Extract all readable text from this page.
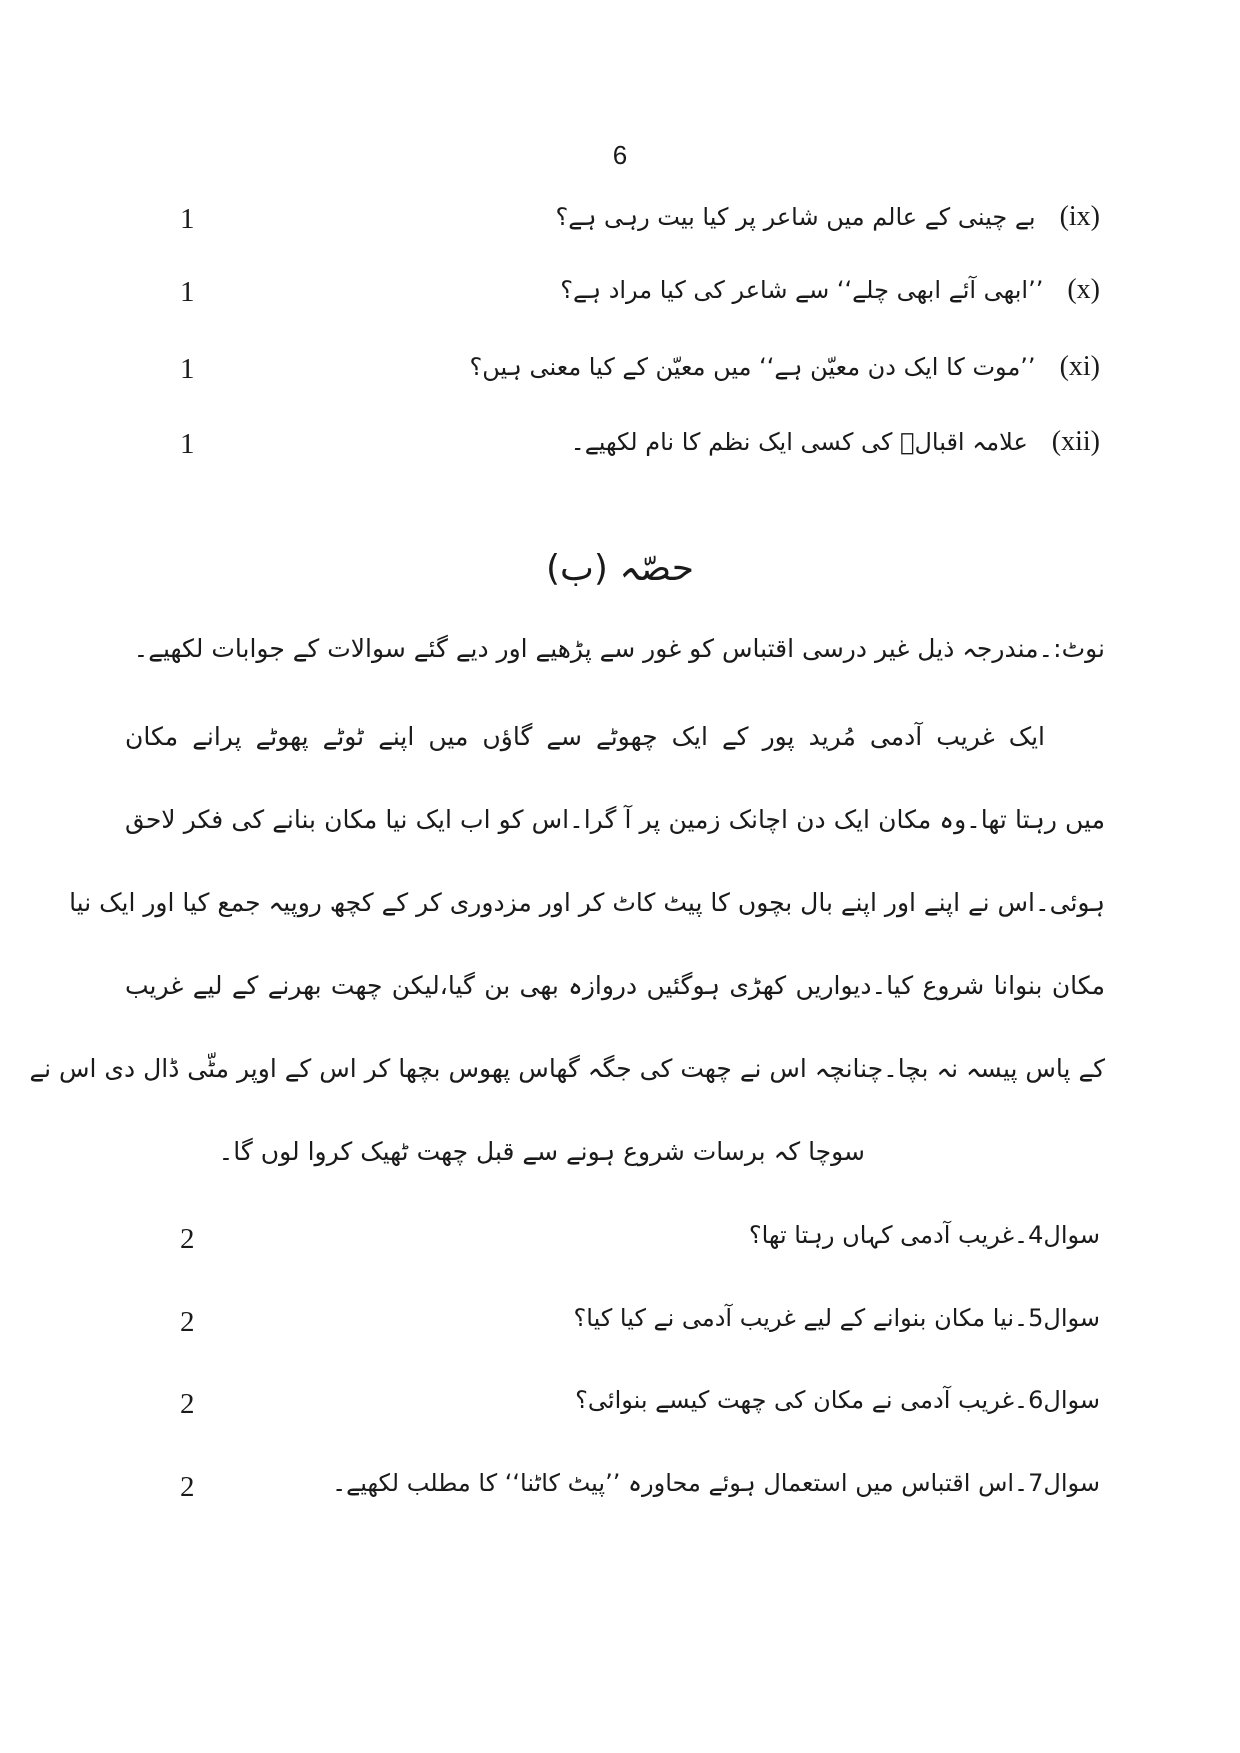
6
1	(ix)بے چینی کے عالم میں شاعر پر کیا بیت رہی ہے؟
1	(x)’’ابھی آئے ابھی چلے‘‘ سے شاعر کی کیا مراد ہے؟
1	(xi)’’موت کا ایک دن معیّن ہے‘‘ میں معیّن کے کیا معنی ہیں؟
1	(xii)علامہ اقبالؔ کی کسی ایک نظم کا نام لکھیے۔
حصّہ (ب)
نوٹ:۔مندرجہ ذیل غیر درسی اقتباس کو غور سے پڑھیے اور دیے گئے سوالات کے جوابات لکھیے۔
ایک غریب آدمی مُرید پور کے ایک چھوٹے سے گاؤں میں اپنے ٹوٹے پھوٹے پرانے مکان
میں رہتا تھا۔وہ مکان ایک دن اچانک زمین پر آ گرا۔اس کو اب ایک نیا مکان بنانے کی فکر لاحق
ہوئی۔اس نے اپنے اور اپنے بال بچوں کا پیٹ کاٹ کر اور مزدوری کر کے کچھ روپیہ جمع کیا اور ایک نیا
مکان بنوانا شروع کیا۔دیواریں کھڑی ہوگئیں دروازہ بھی بن گیا،لیکن چھت بھرنے کے لیے غریب
کے پاس پیسہ نہ بچا۔چنانچہ اس نے چھت کی جگہ گھاس پھوس بچھا کر اس کے اوپر مٹّی ڈال دی اس نے
سوچا کہ برسات شروع ہونے سے قبل چھت ٹھیک کروا لوں گا۔
2	سوال4۔غریب آدمی کہاں رہتا تھا؟
2	سوال5۔نیا مکان بنوانے کے لیے غریب آدمی نے کیا کیا؟
2	سوال6۔غریب آدمی نے مکان کی چھت کیسے بنوائی؟
2	سوال7۔اس اقتباس میں استعمال ہوئے محاورہ ’’پیٹ کاٹنا‘‘ کا مطلب لکھیے۔
